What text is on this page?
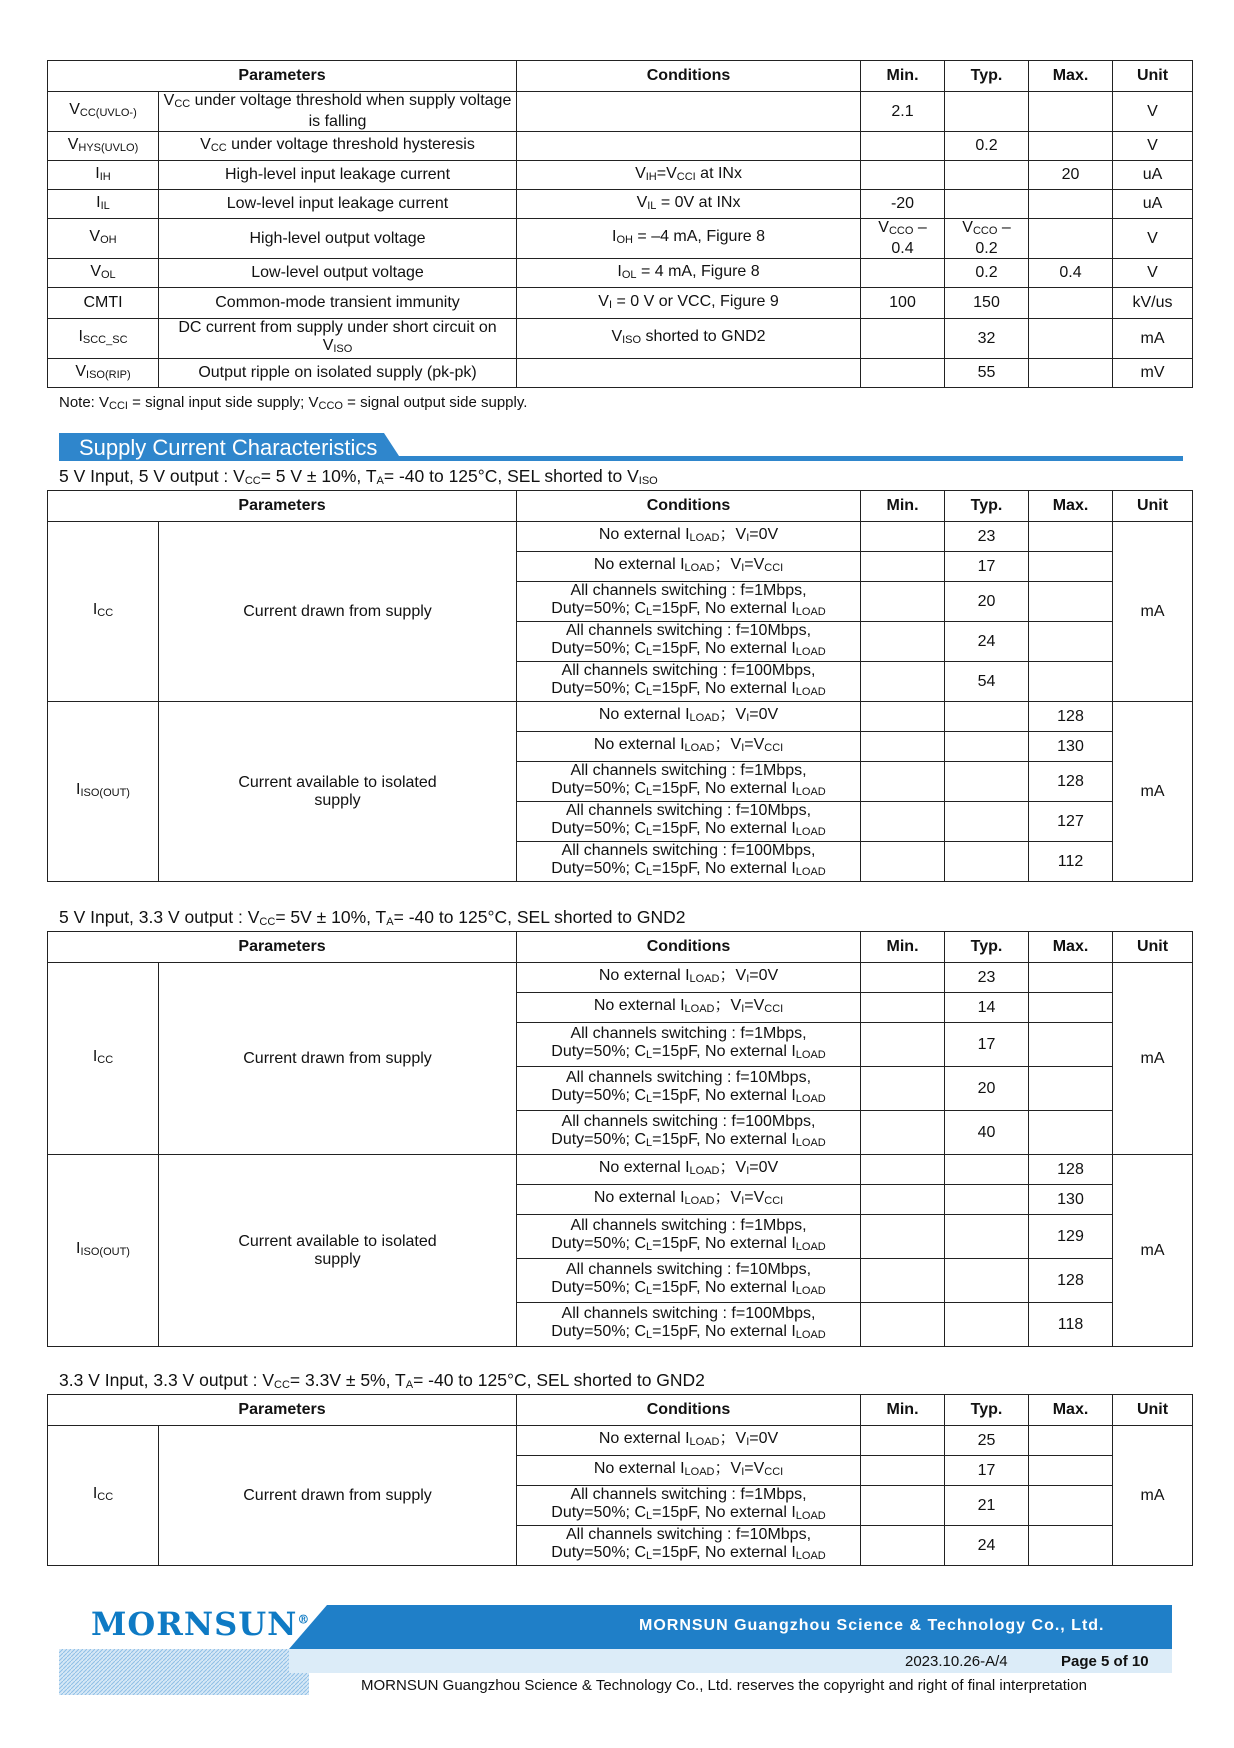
Parameters		Conditions	Min.	Typ.	Max.	Unit
$V_{CC(UVLO-)}$	$V_{CC}$ under voltage threshold when supply voltage is falling		2.1			V
$V_{HYS(UVLO)}$	$V_{CC}$ under voltage threshold hysteresis			0.2		V
$I_{IH}$	High-level input leakage current	$V_{IH}=V_{CCI}$ at INx			20	uA
$I_{IL}$	Low-level input leakage current	$V_{IL} = 0V$ at INx	-20			uA
$V_{OH}$	High-level output voltage	$I_{OH} = -4$ mA, Figure 8	$V_{CCO} - 0.4$	$V_{CCO} - 0.2$		V
$V_{OL}$	Low-level output voltage	$I_{OL} = 4$ mA, Figure 8		0.2	0.4	V
CMTI	Common-mode transient immunity	$V_I = 0$ V or VCC, Figure 9	100	150		kV/us
$I_{SCC\_SC}$	DC current from supply under short circuit on $V_{ISO}$	$V_{ISO}$ shorted to GND2		32		mA
$V_{ISO(RIP)}$	Output ripple on isolated supply (pk-pk)			55		mV
Note: $V_{CCI}$ = signal input side supply; $V_{CCO}$ = signal output side supply.
Supply Current Characteristics
5 V Input, 5 V output : $V_{CC}= 5$ V ± 10%, $T_A= -40$ to 125°C, SEL shorted to $V_{ISO}$
Parameters		Conditions	Min.	Typ.	Max.	Unit
$I_{CC}$	Current drawn from supply	No external $I_{LOAD}$；$V_I=0V$		23		mA

		No external $I_{LOAD}$；$V_I=V_{CCI}$		17		

		All channels switching : f=1Mbps, Duty=50%; $C_L=15pF$, No external $I_{LOAD}$		20		

		All channels switching : f=10Mbps, Duty=50%; $C_L=15pF$, No external $I_{LOAD}$		24		

		All channels switching : f=100Mbps, Duty=50%; $C_L=15pF$, No external $I_{LOAD}$		54		
$I_{ISO(OUT)}$	Current available to isolated supply	No external $I_{LOAD}$；$V_I=0V$			128	mA

		No external $I_{LOAD}$；$V_I=V_{CCI}$			130	

		All channels switching : f=1Mbps, Duty=50%; $C_L=15pF$, No external $I_{LOAD}$			128	

		All channels switching : f=10Mbps, Duty=50%; $C_L=15pF$, No external $I_{LOAD}$			127	

		All channels switching : f=100Mbps, Duty=50%; $C_L=15pF$, No external $I_{LOAD}$			112	
5 V Input, 3.3 V output : $V_{CC}= 5V \pm 10\%$, $T_A= -40$ to 125°C, SEL shorted to GND2
Parameters		Conditions	Min.	Typ.	Max.	Unit
$I_{CC}$	Current drawn from supply	No external $I_{LOAD}$；$V_I=0V$		23		mA

		No external $I_{LOAD}$；$V_I=V_{CCI}$		14		

		All channels switching : f=1Mbps, Duty=50%; $C_L=15pF$, No external $I_{LOAD}$		17		

		All channels switching : f=10Mbps, Duty=50%; $C_L=15pF$, No external $I_{LOAD}$		20		

		All channels switching : f=100Mbps, Duty=50%; $C_L=15pF$, No external $I_{LOAD}$		40		
$I_{ISO(OUT)}$	Current available to isolated supply	No external $I_{LOAD}$；$V_I=0V$			128	mA

		No external $I_{LOAD}$；$V_I=V_{CCI}$			130	

		All channels switching : f=1Mbps, Duty=50%; $C_L=15pF$, No external $I_{LOAD}$			129	

		All channels switching : f=10Mbps, Duty=50%; $C_L=15pF$, No external $I_{LOAD}$			128	

		All channels switching : f=100Mbps, Duty=50%; $C_L=15pF$, No external $I_{LOAD}$			118	
3.3 V Input, 3.3 V output : $V_{CC}= 3.3V \pm 5\%$, $T_A= -40$ to 125°C, SEL shorted to GND2
Parameters		Conditions	Min.	Typ.	Max.	Unit
$I_{CC}$	Current drawn from supply	No external $I_{LOAD}$；$V_I=0V$		25		mA

		No external $I_{LOAD}$；$V_I=V_{CCI}$		17		

		All channels switching : f=1Mbps, Duty=50%; $C_L=15pF$, No external $I_{LOAD}$		21		

		All channels switching : f=10Mbps, Duty=50%; $C_L=15pF$, No external $I_{LOAD}$		24		
MORNSUN®	MORNSUN Guangzhou Science & Technology Co., Ltd.
2023.10.26-A/4	Page 5 of 10
MORNSUN Guangzhou Science & Technology Co., Ltd. reserves the copyright and right of final interpretation
